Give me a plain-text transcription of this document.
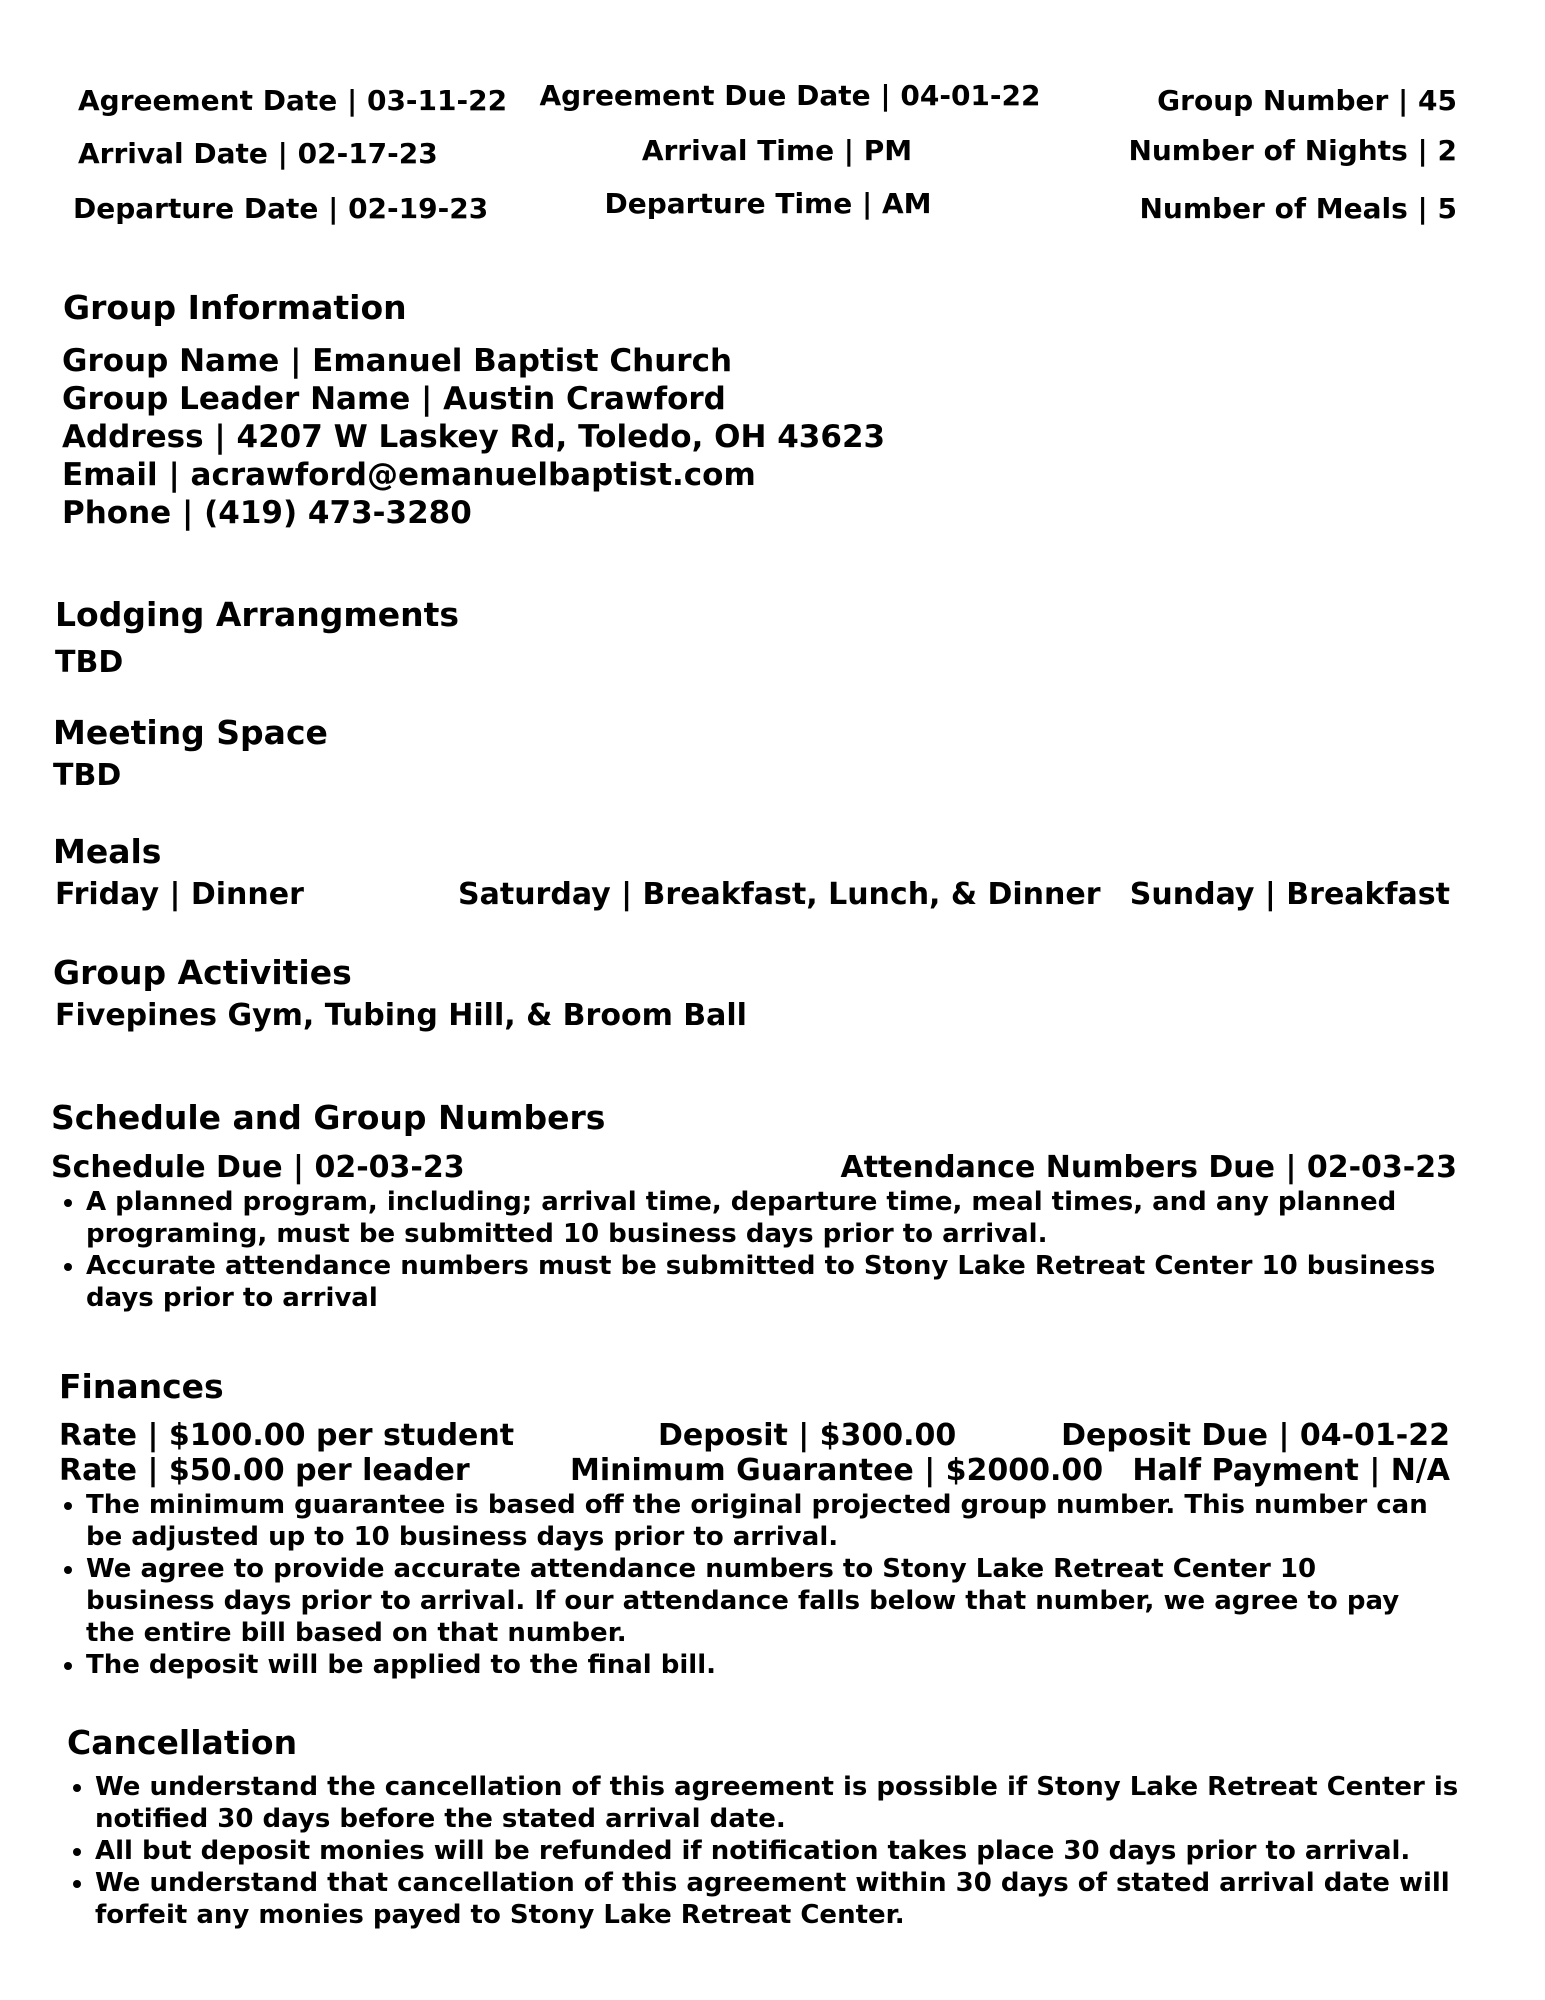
Agreement Date | 03-11-22 Agreement Due Date | 04-01-22	Group Number | 45
Arrival Date | 02-17-23	Arrival Time | PM	Number of Nights | 2
Departure Date | 02-19-23	Departure Time | AM	Number of Meals | 5
Group Information
Group Name | Emanuel Baptist Church
Group Leader Name | Austin Crawford
Address | 4207 W Laskey Rd, Toledo, OH 43623
Email | acrawford@emanuelbaptist.com
Phone | (419) 473-3280
Lodging Arrangments
TBD
Meeting Space
TBD
Meals
Friday | Dinner	Saturday | Breakfast, Lunch, & Dinner Sunday | Breakfast
Group Activities
Fivepines Gym, Tubing Hill, & Broom Ball
Schedule and Group Numbers
Schedule Due | 02-03-23	Attendance Numbers Due | 02-03-23
• A planned program, including; arrival time, departure time, meal times, and any planned programing, must be submitted 10 business days prior to arrival.
• Accurate attendance numbers must be submitted to Stony Lake Retreat Center 10 business days prior to arrival
Finances
Rate | $100.00 per student	Deposit | $300.00	Deposit Due | 04-01-22
Rate | $50.00 per leader	Minimum Guarantee | $2000.00 Half Payment | N/A
• The minimum guarantee is based off the original projected group number. This number can be adjusted up to 10 business days prior to arrival.
• We agree to provide accurate attendance numbers to Stony Lake Retreat Center 10 business days prior to arrival. If our attendance falls below that number, we agree to pay the entire bill based on that number.
• The deposit will be applied to the final bill.
Cancellation
• We understand the cancellation of this agreement is possible if Stony Lake Retreat Center is notified 30 days before the stated arrival date.
• All but deposit monies will be refunded if notification takes place 30 days prior to arrival.
• We understand that cancellation of this agreement within 30 days of stated arrival date will forfeit any monies payed to Stony Lake Retreat Center.
